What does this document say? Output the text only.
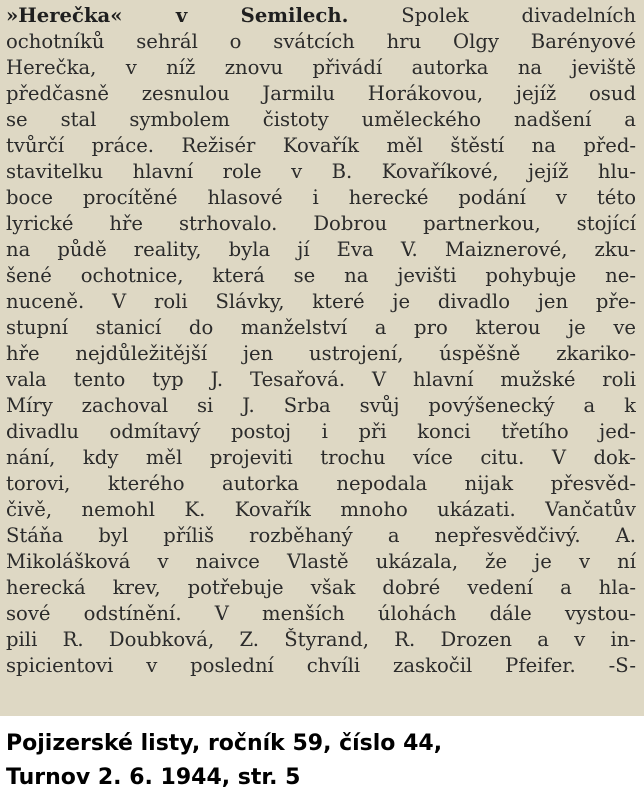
»Herečka« v Semilech. Spolek divadelních
ochotníků sehrál o svátcích hru Olgy Barényové
Herečka, v níž znovu přivádí autorka na jeviště
předčasně zesnulou Jarmilu Horákovou, jejíž osud
se stal symbolem čistoty uměleckého nadšení a
tvůrčí práce. Režisér Kovařík měl štěstí na před-
stavitelku hlavní role v B. Kovaříkové, jejíž hlu-
boce procítěné hlasové i herecké podání v této
lyrické hře strhovalo. Dobrou partnerkou, stojící
na půdě reality, byla jí Eva V. Maiznerové, zku-
šené ochotnice, která se na jevišti pohybuje ne-
nuceně. V roli Slávky, které je divadlo jen pře-
stupní stanicí do manželství a pro kterou je ve
hře nejdůležitější jen ustrojení, úspěšně zkariko-
vala tento typ J. Tesařová. V hlavní mužské roli
Míry zachoval si J. Srba svůj povýšenecký a k
divadlu odmítavý postoj i při konci třetího jed-
nání, kdy měl projeviti trochu více citu. V dok-
torovi, kterého autorka nepodala nijak přesvěd-
čivě, nemohl K. Kovařík mnoho ukázati. Vančatův
Stáňa byl příliš rozběhaný a nepřesvědčivý. A.
Mikolášková v naivce Vlastě ukázala, že je v ní
herecká krev, potřebuje však dobré vedení a hla-
sové odstínění. V menších úlohách dále vystou-
pili R. Doubková, Z. Štyrand, R. Drozen a v in-
spicientovi v poslední chvíli zaskočil Pfeifer. -S-
Pojizerské listy, ročník 59, číslo 44,
Turnov 2. 6. 1944, str. 5
